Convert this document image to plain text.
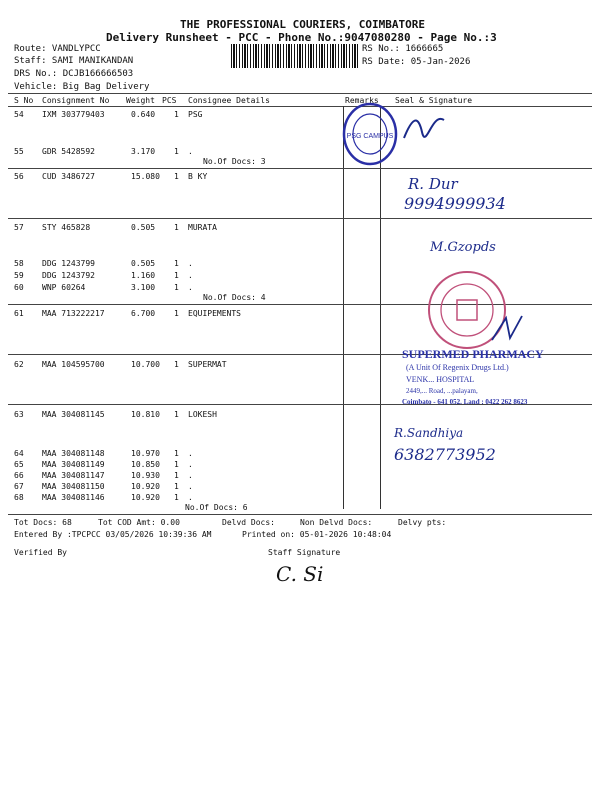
THE PROFESSIONAL COURIERS, COIMBATORE
Delivery Runsheet - PCC - Phone No.:9047080280 - Page No.:3
Route: VANDLYPCC
Staff: SAMI MANIKANDAN
DRS No.: DCJB166666503
Vehicle: Big Bag Delivery
RS No.: 1666665
RS Date: 05-Jan-2026
S No Consignment No Weight PCS Consignee Details	Remarks Seal & Signature
54 IXM 303779403	0.640 1 PSG
55 GDR 5428592	3.170 1 .
No.Of Docs: 3
56 CUD 3486727	15.080 1 B KY
57 STY 465828	0.505 1 MURATA
58 DDG 1243799	0.505 1 .
59 DDG 1243792	1.160 1 .
60 WNP 60264	3.100 1 .
No.Of Docs: 4
61 MAA 713222217	6.700 1 EQUIPEMENTS
62 MAA 104595700	10.700 1 SUPERMAT
63 MAA 304081145	10.810 1 LOKESH
64 MAA 304081148	10.970 1 .
65 MAA 304081149	10.850 1 .
66 MAA 304081147	10.930 1 .
67 MAA 304081150	10.920 1 .
68 MAA 304081146	10.920 1 .
No.Of Docs: 6
PSG CAMPUS
R. Dur
9994999934
M.Gzopds
SUPERMED PHARMACY
(A Unit Of Regenix Drugs Ltd.)
VENK... HOSPITAL
2449,... Road, ...palayam,
Coimbato - 641 052. Land : 0422 262 8623
R.Sandhiya
6382773952
Tot Docs: 68	Tot COD Amt: 0.00	Delvd Docs:	Non Delvd Docs:	Delvy pts:
Entered By :TPCPCC 03/05/2026 10:39:36 AM	Printed on: 05-01-2026 10:48:04
Verified By	Staff Signature
C. Si
